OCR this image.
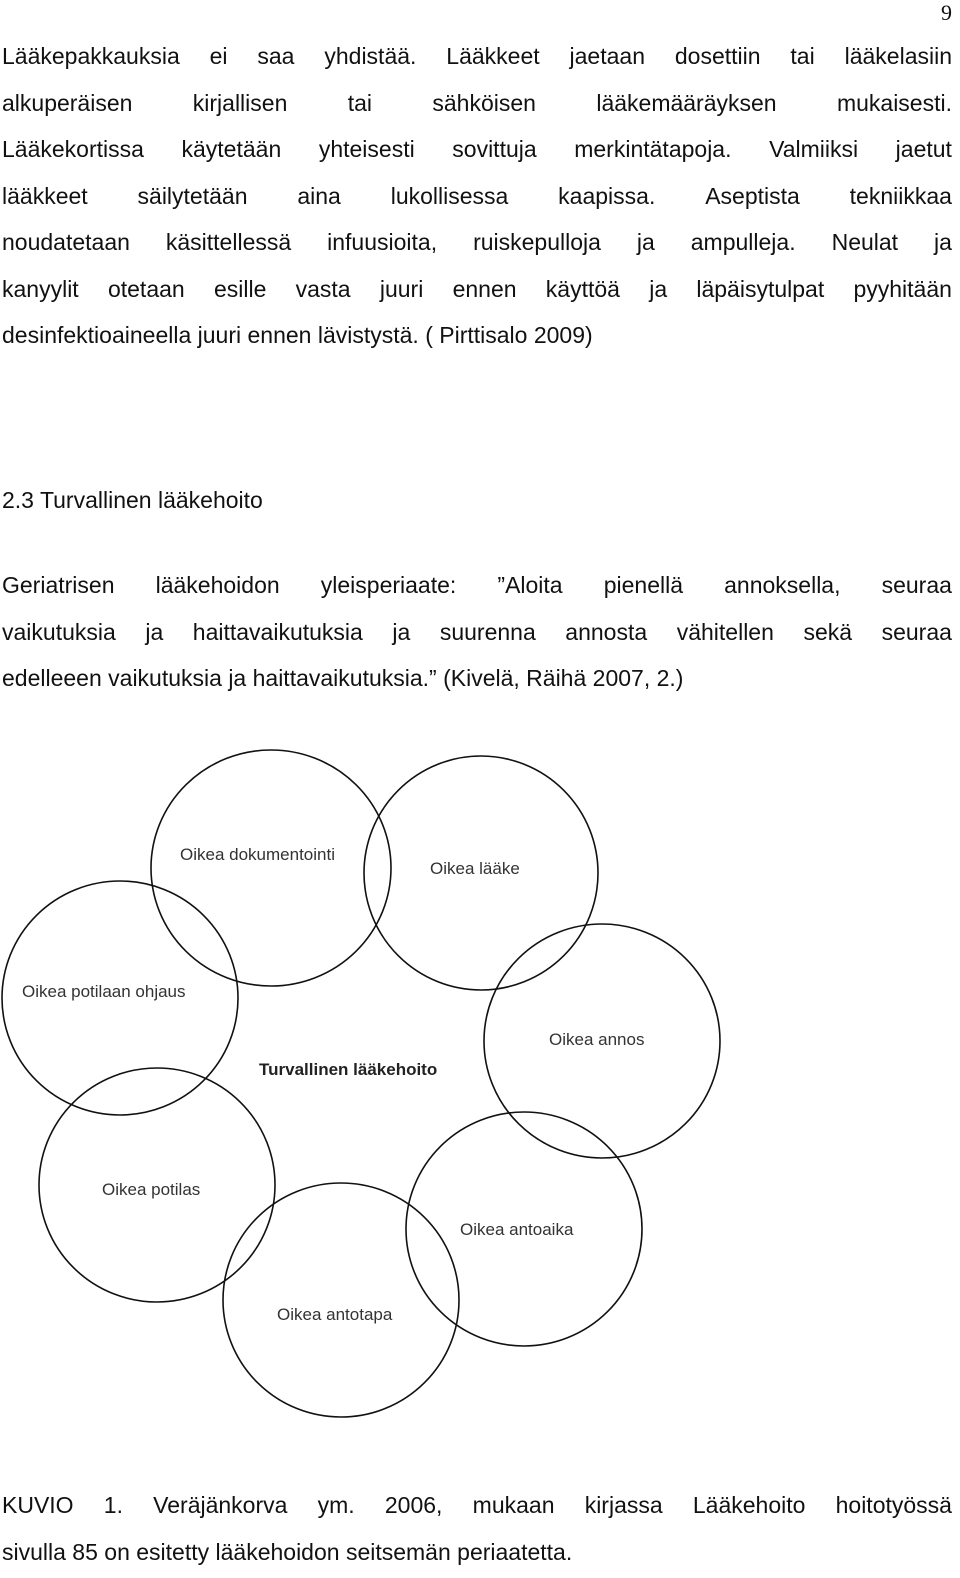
9
Lääkepakkauksia ei saa yhdistää. Lääkkeet jaetaan dosettiin tai lääkelasiin
alkuperäisen	kirjallisen	tai	sähköisen	lääkemääräyksen	mukaisesti.
Lääkekortissa käytetään yhteisesti sovittuja merkintätapoja. Valmiiksi jaetut
lääkkeet säilytetään aina lukollisessa kaapissa. Aseptista tekniikkaa
noudatetaan käsittellessä infuusioita, ruiskepulloja ja ampulleja. Neulat ja
kanyylit otetaan esille vasta juuri ennen käyttöä ja läpäisytulpat pyyhitään
desinfektioaineella juuri ennen lävistystä. ( Pirttisalo 2009)
2.3 Turvallinen lääkehoito
Geriatrisen lääkehoidon yleisperiaate: ”Aloita pienellä annoksella, seuraa
vaikutuksia ja haittavaikutuksia ja suurenna annosta vähitellen sekä seuraa
edelleeen vaikutuksia ja haittavaikutuksia.” (Kivelä, Räihä 2007, 2.)
Turvallinen lääkehoito
Oikea dokumentointi
Oikea lääke
Oikea potilaan ohjaus
Oikea annos
Oikea potilas
Oikea antoaika
Oikea antotapa
KUVIO 1. Veräjänkorva ym. 2006, mukaan kirjassa Lääkehoito hoitotyössä
sivulla 85 on esitetty lääkehoidon seitsemän periaatetta.
